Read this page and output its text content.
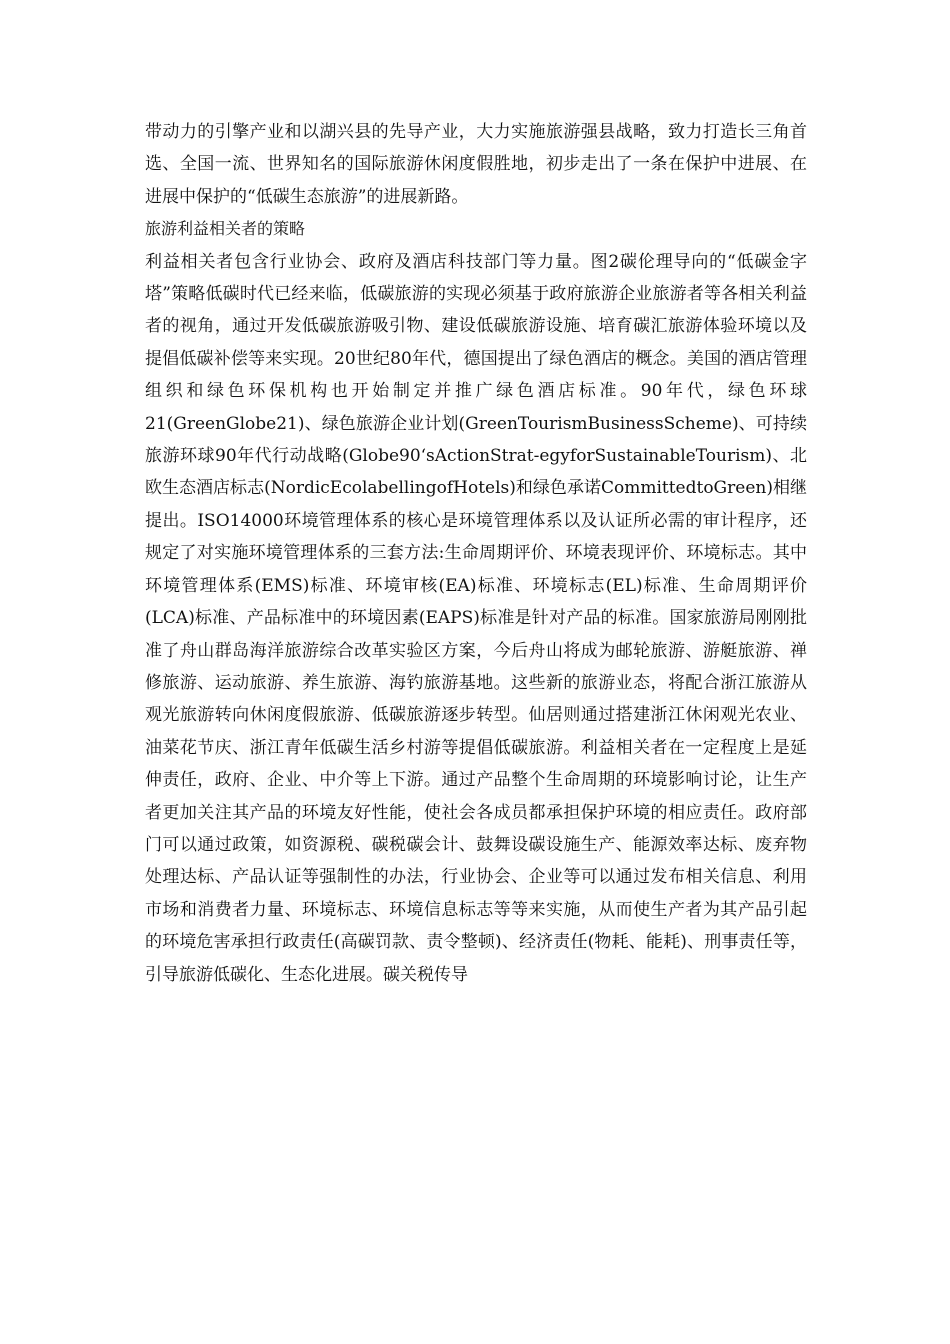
带动力的引擎产业和以湖兴县的先导产业，大力实施旅游强县战略，致力打造长三角首选、全国一流、世界知名的国际旅游休闲度假胜地，初步走出了一条在保护中进展、在进展中保护的“低碳生态旅游”的进展新路。

旅游利益相关者的策略

利益相关者包含行业协会、政府及酒店科技部门等力量。图2碳伦理导向的“低碳金字塔”策略低碳时代已经来临，低碳旅游的实现必须基于政府旅游企业旅游者等各相关利益者的视角，通过开发低碳旅游吸引物、建设低碳旅游设施、培育碳汇旅游体验环境以及提倡低碳补偿等来实现。20世纪80年代，德国提出了绿色酒店的概念。美国的酒店管理组织和绿色环保机构也开始制定并推广绿色酒店标准。90年代，绿色环球21(GreenGlobe21)、绿色旅游企业计划(GreenTourismBusinessScheme)、可持续旅游环球90年代行动战略(Globe90‘sActionStrat-egyforSustainableTourism)、北欧生态酒店标志(NordicEcolabellingofHotels)和绿色承诺CommittedtoGreen)相继提出。ISO14000环境管理体系的核心是环境管理体系以及认证所必需的审计程序，还规定了对实施环境管理体系的三套方法:生命周期评价、环境表现评价、环境标志。其中环境管理体系(EMS)标准、环境审核(EA)标准、环境标志(EL)标准、生命周期评价(LCA)标准、产品标准中的环境因素(EAPS)标准是针对产品的标准。国家旅游局刚刚批准了舟山群岛海洋旅游综合改革实验区方案，今后舟山将成为邮轮旅游、游艇旅游、禅修旅游、运动旅游、养生旅游、海钓旅游基地。这些新的旅游业态，将配合浙江旅游从观光旅游转向休闲度假旅游、低碳旅游逐步转型。仙居则通过搭建浙江休闲观光农业、油菜花节庆、浙江青年低碳生活乡村游等提倡低碳旅游。利益相关者在一定程度上是延伸责任，政府、企业、中介等上下游。通过产品整个生命周期的环境影响讨论，让生产者更加关注其产品的环境友好性能，使社会各成员都承担保护环境的相应责任。政府部门可以通过政策，如资源税、碳税碳会计、鼓舞设碳设施生产、能源效率达标、废弃物处理达标、产品认证等强制性的办法，行业协会、企业等可以通过发布相关信息、利用市场和消费者力量、环境标志、环境信息标志等等来实施，从而使生产者为其产品引起的环境危害承担行政责任(高碳罚款、责令整顿)、经济责任(物耗、能耗)、刑事责任等，引导旅游低碳化、生态化进展。碳关税传导
